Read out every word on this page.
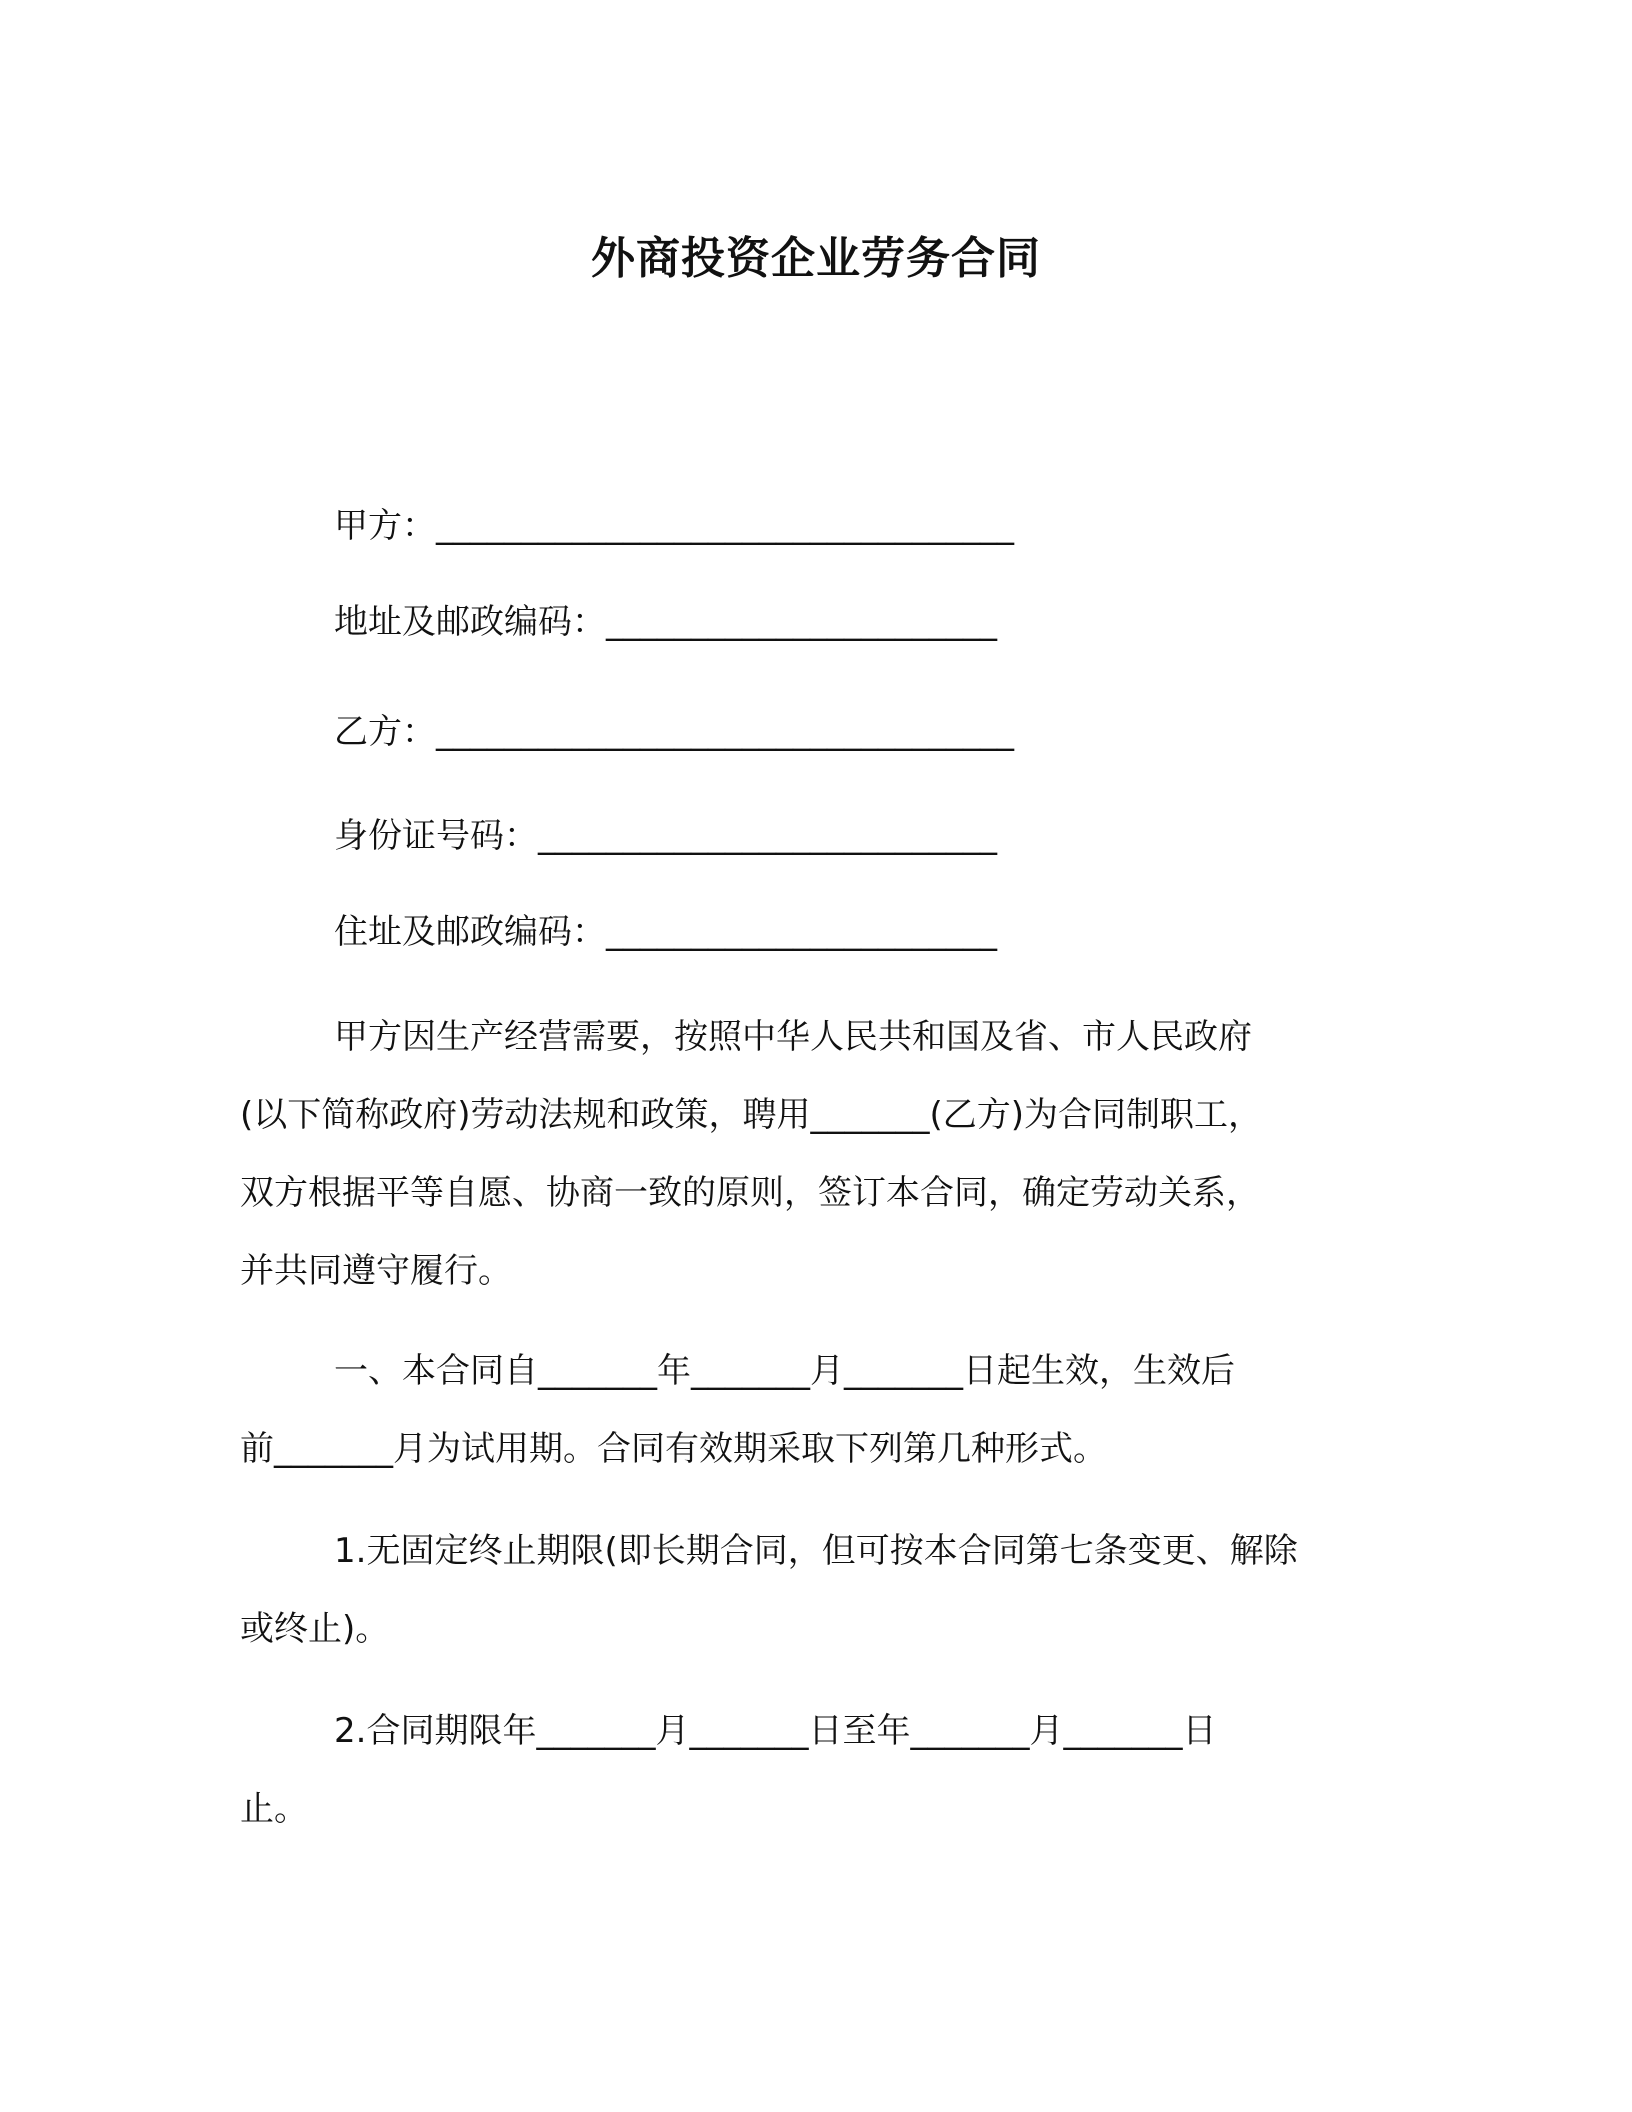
外商投资企业劳务合同
甲方：__________________________________
地址及邮政编码：_______________________
乙方：__________________________________
身份证号码：___________________________
住址及邮政编码：_______________________
甲方因生产经营需要，按照中华人民共和国及省、市人民政府
(以下简称政府)劳动法规和政策，聘用_______(乙方)为合同制职工，
双方根据平等自愿、协商一致的原则，签订本合同，确定劳动关系，
并共同遵守履行。
一、本合同自_______年_______月_______日起生效，生效后
前_______月为试用期。合同有效期采取下列第几种形式。
1.无固定终止期限(即长期合同，但可按本合同第七条变更、解除
或终止)。
2.合同期限年_______月_______日至年_______月_______日
止。
